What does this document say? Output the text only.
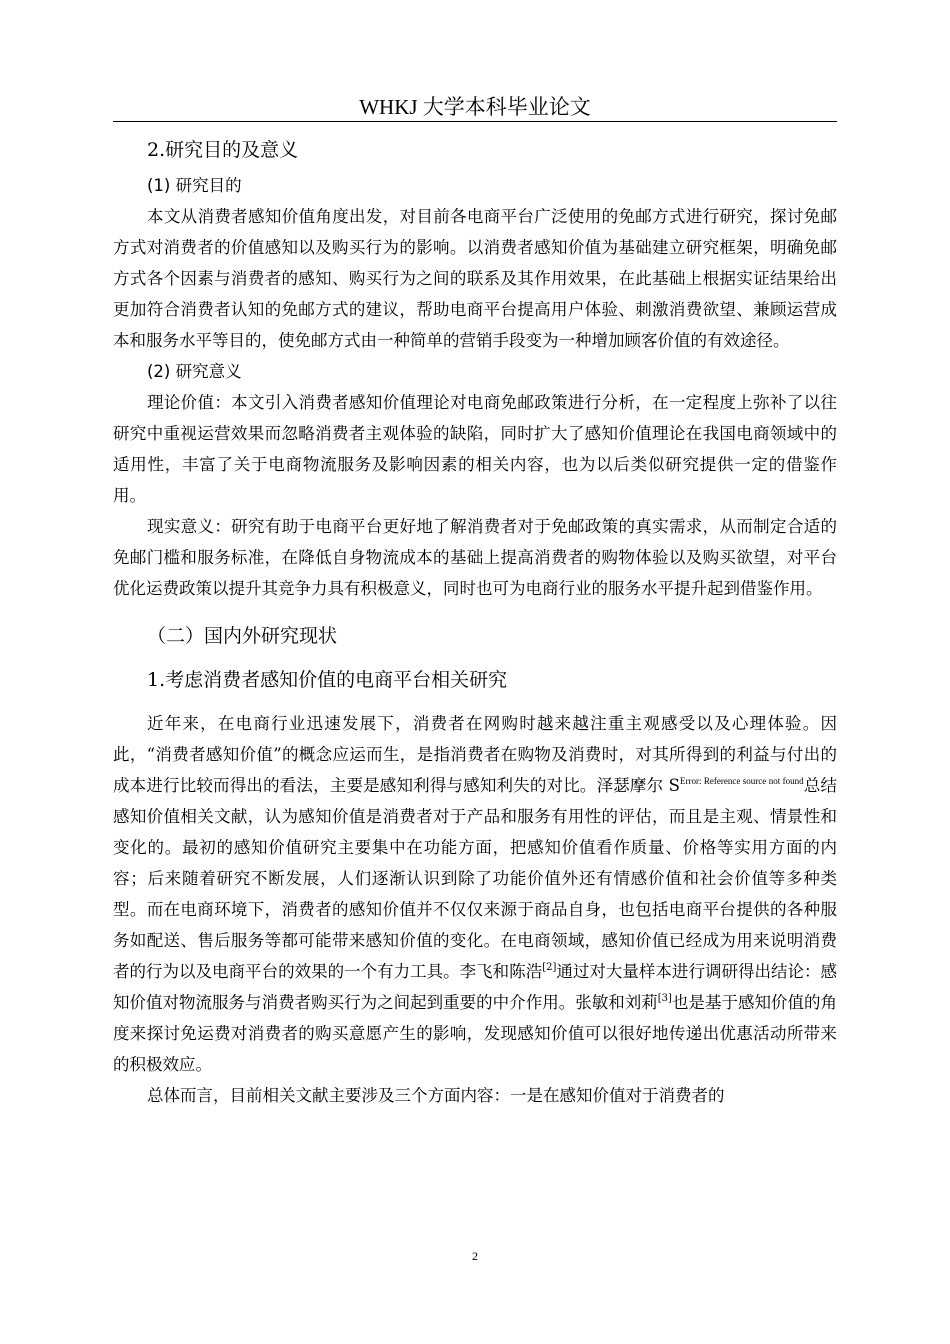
WHKJ 大学本科毕业论文
2.研究目的及意义

(1) 研究目的

本文从消费者感知价值角度出发，对目前各电商平台广泛使用的免邮方式进行研究，探讨免邮方式对消费者的价值感知以及购买行为的影响。以消费者感知价值为基础建立研究框架，明确免邮方式各个因素与消费者的感知、购买行为之间的联系及其作用效果，在此基础上根据实证结果给出更加符合消费者认知的免邮方式的建议，帮助电商平台提高用户体验、刺激消费欲望、兼顾运营成本和服务水平等目的，使免邮方式由一种简单的营销手段变为一种增加顾客价值的有效途径。

(2) 研究意义

理论价值：本文引入消费者感知价值理论对电商免邮政策进行分析，在一定程度上弥补了以往研究中重视运营效果而忽略消费者主观体验的缺陷，同时扩大了感知价值理论在我国电商领域中的适用性，丰富了关于电商物流服务及影响因素的相关内容，也为以后类似研究提供一定的借鉴作用。

现实意义：研究有助于电商平台更好地了解消费者对于免邮政策的真实需求，从而制定合适的免邮门槛和服务标准，在降低自身物流成本的基础上提高消费者的购物体验以及购买欲望，对平台优化运费政策以提升其竞争力具有积极意义，同时也可为电商行业的服务水平提升起到借鉴作用。

（二）国内外研究现状
1.考虑消费者感知价值的电商平台相关研究

近年来，在电商行业迅速发展下，消费者在网购时越来越注重主观感受以及心理体验。因此，“消费者感知价值”的概念应运而生，是指消费者在购物及消费时，对其所得到的利益与付出的成本进行比较而得出的看法，主要是感知利得与感知利失的对比。泽瑟摩尔 $S^{Error: Reference source not found}$总结感知价值相关文献，认为感知价值是消费者对于产品和服务有用性的评估，而且是主观、情景性和变化的。最初的感知价值研究主要集中在功能方面，把感知价值看作质量、价格等实用方面的内容；后来随着研究不断发展，人们逐渐认识到除了功能价值外还有情感价值和社会价值等多种类型。而在电商环境下，消费者的感知价值并不仅仅来源于商品自身，也包括电商平台提供的各种服务如配送、售后服务等都可能带来感知价值的变化。在电商领域，感知价值已经成为用来说明消费者的行为以及电商平台的效果的一个有力工具。李飞和陈浩[2]通过对大量样本进行调研得出结论：感知价值对物流服务与消费者购买行为之间起到重要的中介作用。张敏和刘莉[3]也是基于感知价值的角度来探讨免运费对消费者的购买意愿产生的影响，发现感知价值可以很好地传递出优惠活动所带来的积极效应。

总体而言，目前相关文献主要涉及三个方面内容：一是在感知价值对于消费者的

2
